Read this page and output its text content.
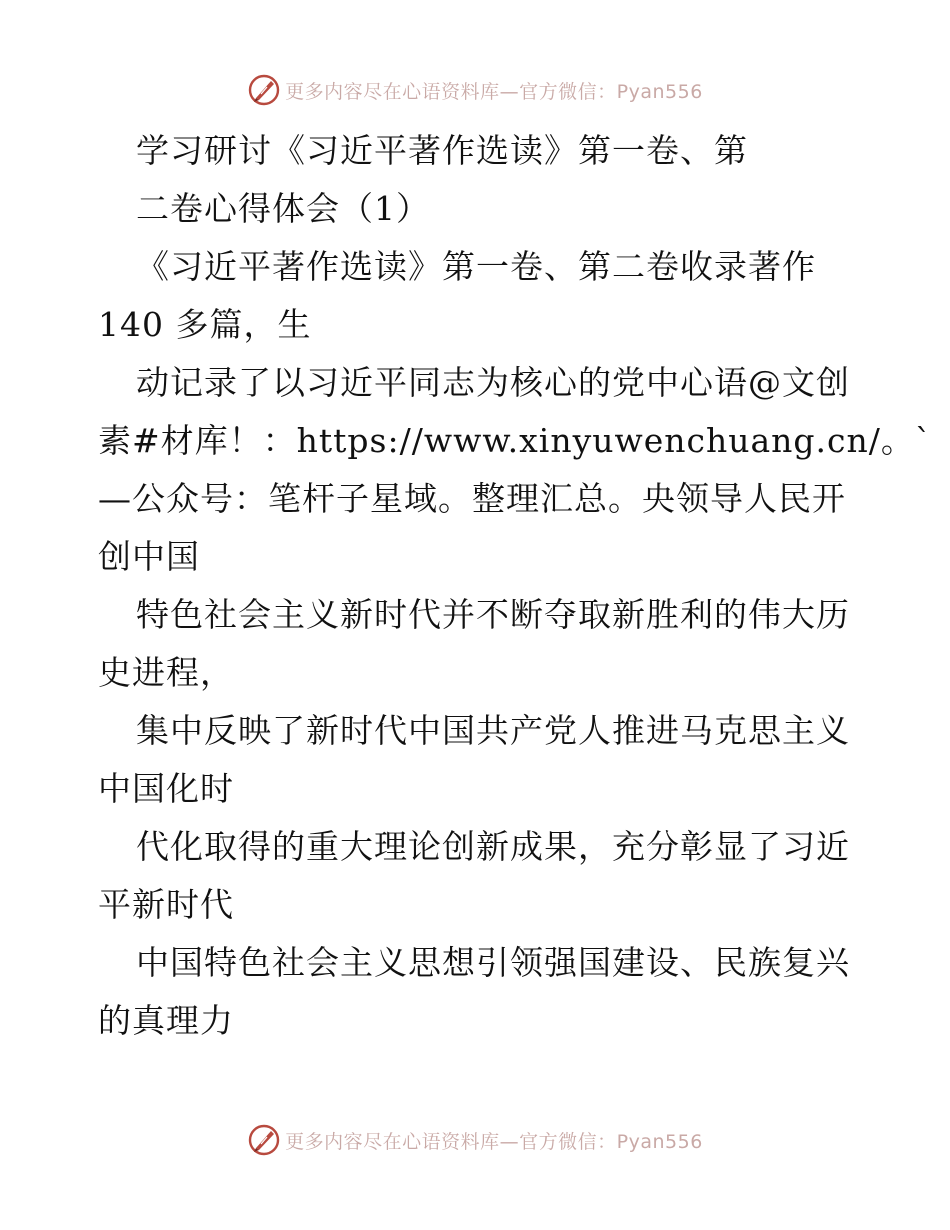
更多内容尽在心语资料库—官方微信：Pyan556
学习研讨《习近平著作选读》第一卷、第
二卷心得体会（1）
《习近平著作选读》第一卷、第二卷收录著作
140 多篇，生
动记录了以习近平同志为核心的党中心语@文创
素#材库！：https://www.xinyuwenchuang.cn/。`
—公众号：笔杆子星域。整理汇总。央领导人民开
创中国
特色社会主义新时代并不断夺取新胜利的伟大历
史进程，
集中反映了新时代中国共产党人推进马克思主义
中国化时
代化取得的重大理论创新成果，充分彰显了习近
平新时代
中国特色社会主义思想引领强国建设、民族复兴
的真理力
更多内容尽在心语资料库—官方微信：Pyan556
